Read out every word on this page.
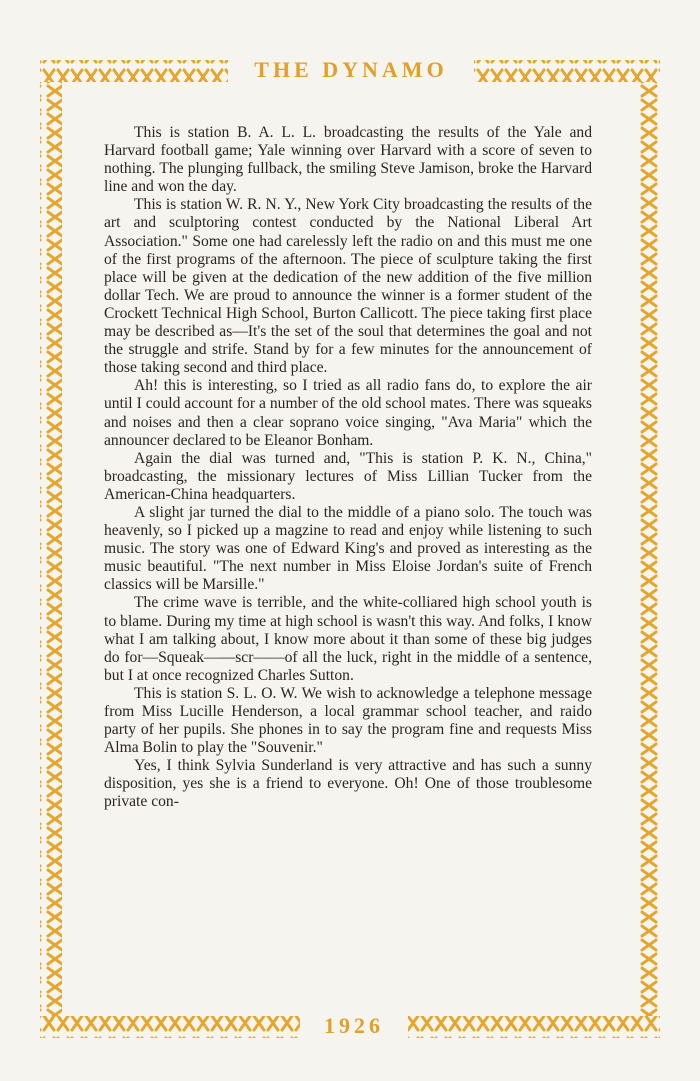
THE DYNAMO
1926

This is station B. A. L. L. broadcasting the results of the Yale and Harvard football game; Yale winning over Harvard with a score of seven to nothing. The plunging fullback, the smiling Steve Jamison, broke the Harvard line and won the day.

This is station W. R. N. Y., New York City broadcasting the results of the art and sculptoring contest conducted by the National Liberal Art Association." Some one had carelessly left the radio on and this must me one of the first programs of the afternoon. The piece of sculpture taking the first place will be given at the dedication of the new addition of the five million dollar Tech. We are proud to announce the winner is a former student of the Crockett Technical High School, Burton Callicott. The piece taking first place may be described as—It's the set of the soul that determines the goal and not the struggle and strife. Stand by for a few minutes for the announcement of those taking second and third place.

Ah! this is interesting, so I tried as all radio fans do, to explore the air until I could account for a number of the old school mates. There was squeaks and noises and then a clear soprano voice singing, "Ava Maria" which the announcer declared to be Eleanor Bonham.

Again the dial was turned and, "This is station P. K. N., China," broadcasting, the missionary lectures of Miss Lillian Tucker from the American-China headquarters.

A slight jar turned the dial to the middle of a piano solo. The touch was heavenly, so I picked up a magzine to read and enjoy while listening to such music. The story was one of Edward King's and proved as interesting as the music beautiful. "The next number in Miss Eloise Jordan's suite of French classics will be Marsille."

The crime wave is terrible, and the white-colliared high school youth is to blame. During my time at high school is wasn't this way. And folks, I know what I am talking about, I know more about it than some of these big judges do for—Squeak——scr——of all the luck, right in the middle of a sentence, but I at once recognized Charles Sutton.

This is station S. L. O. W. We wish to acknowledge a telephone message from Miss Lucille Henderson, a local grammar school teacher, and raido party of her pupils. She phones in to say the program fine and requests Miss Alma Bolin to play the "Souvenir."

Yes, I think Sylvia Sunderland is very attractive and has such a sunny disposition, yes she is a friend to everyone. Oh! One of those troublesome private con-
